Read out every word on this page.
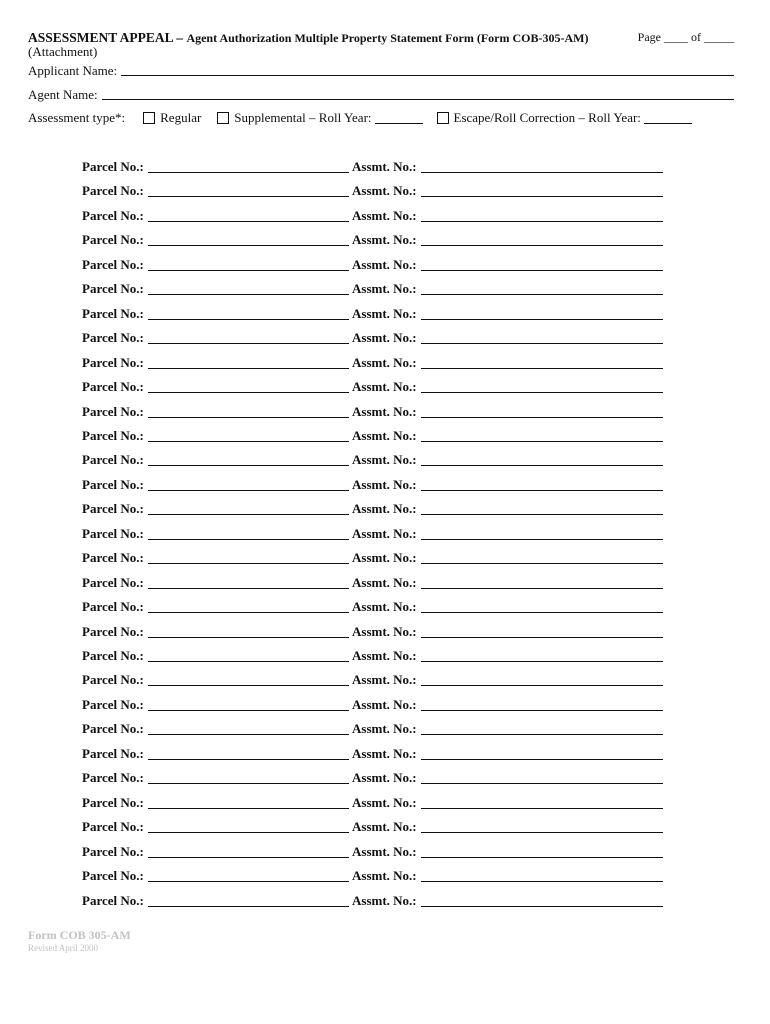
ASSESSMENT APPEAL – Agent Authorization Multiple Property Statement Form (Form COB-305-AM)	Page ____ of _____
(Attachment)
Applicant Name:
Agent Name:
Assessment type*:	Regular	Supplemental – Roll Year:	Escape/Roll Correction – Roll Year:
Parcel No.:	Assmt. No.:
Parcel No.:	Assmt. No.:
Parcel No.:	Assmt. No.:
Parcel No.:	Assmt. No.:
Parcel No.:	Assmt. No.:
Parcel No.:	Assmt. No.:
Parcel No.:	Assmt. No.:
Parcel No.:	Assmt. No.:
Parcel No.:	Assmt. No.:
Parcel No.:	Assmt. No.:
Parcel No.:	Assmt. No.:
Parcel No.:	Assmt. No.:
Parcel No.:	Assmt. No.:
Parcel No.:	Assmt. No.:
Parcel No.:	Assmt. No.:
Parcel No.:	Assmt. No.:
Parcel No.:	Assmt. No.:
Parcel No.:	Assmt. No.:
Parcel No.:	Assmt. No.:
Parcel No.:	Assmt. No.:
Parcel No.:	Assmt. No.:
Parcel No.:	Assmt. No.:
Parcel No.:	Assmt. No.:
Parcel No.:	Assmt. No.:
Parcel No.:	Assmt. No.:
Parcel No.:	Assmt. No.:
Parcel No.:	Assmt. No.:
Parcel No.:	Assmt. No.:
Parcel No.:	Assmt. No.:
Parcel No.:	Assmt. No.:
Parcel No.:	Assmt. No.:
Form COB 305-AM
Revised April 2000
